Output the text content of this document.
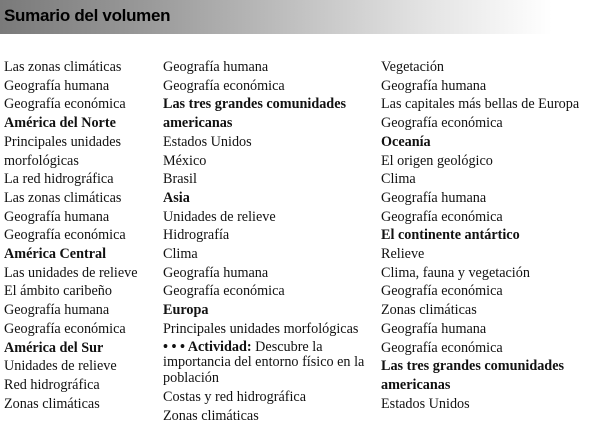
Sumario del volumen
Las zonas climáticas
Geografía humana
Geografía económica
América del Norte
Principales unidades
morfológicas
La red hidrográfica
Las zonas climáticas
Geografía humana
Geografía económica
América Central
Las unidades de relieve
El ámbito caribeño
Geografía humana
Geografía económica
América del Sur
Unidades de relieve
Red hidrográfica
Zonas climáticas
Geografía humana
Geografía económica
Las tres grandes comunidades
americanas
Estados Unidos
México
Brasil
Asia
Unidades de relieve
Hidrografía
Clima
Geografía humana
Geografía económica
Europa
Principales unidades morfológicas
• • • Actividad: Descubre la importancia del entorno físico en la población
Costas y red hidrográfica
Zonas climáticas
Vegetación
Geografía humana
Las capitales más bellas de Europa
Geografía económica
Oceanía
El origen geológico
Clima
Geografía humana
Geografía económica
El continente antártico
Relieve
Clima, fauna y vegetación
Geografía económica
Zonas climáticas
Geografía humana
Geografía económica
Las tres grandes comunidades
americanas
Estados Unidos
